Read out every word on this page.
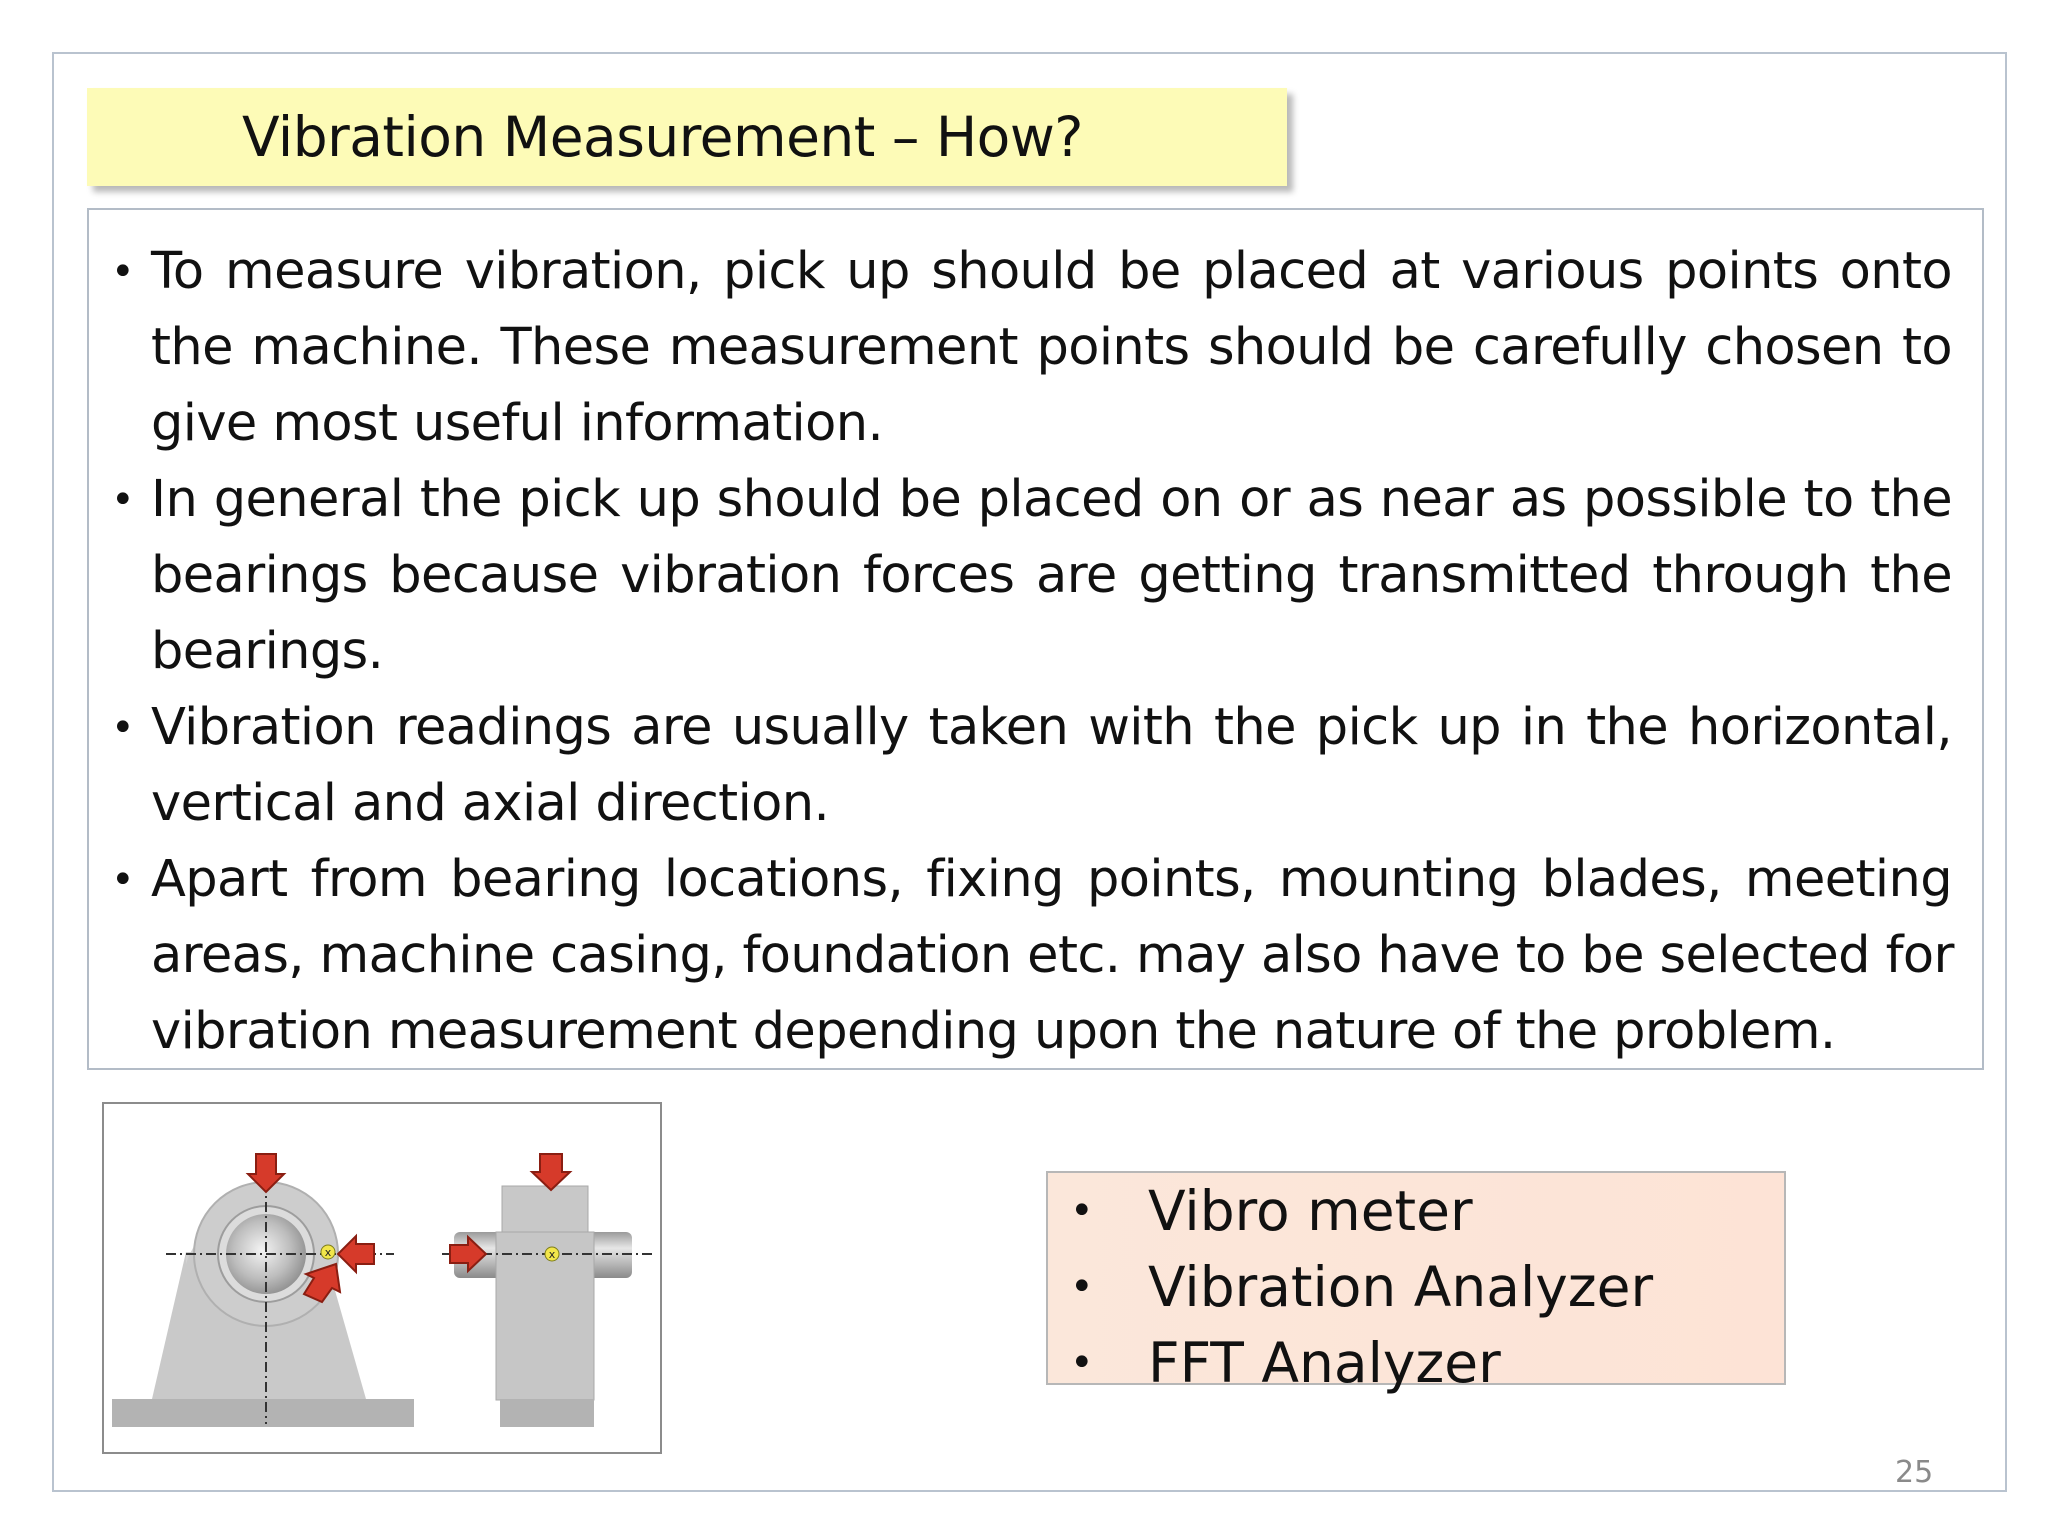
Vibration Measurement – How?
• To measure vibration, pick up should be placed at various points onto
the machine. These measurement points should be carefully chosen to
give most useful information.
• In general the pick up should be placed on or as near as possible to the
bearings because vibration forces are getting transmitted through the
bearings.
• Vibration readings are usually taken with the pick up in the horizontal,
vertical and axial direction.
• Apart from bearing locations, fixing points, mounting blades, meeting
areas, machine casing, foundation etc. may also have to be selected for
vibration measurement depending upon the nature of the problem.
x	x
• Vibro meter
• Vibration Analyzer
• FFT Analyzer
25
